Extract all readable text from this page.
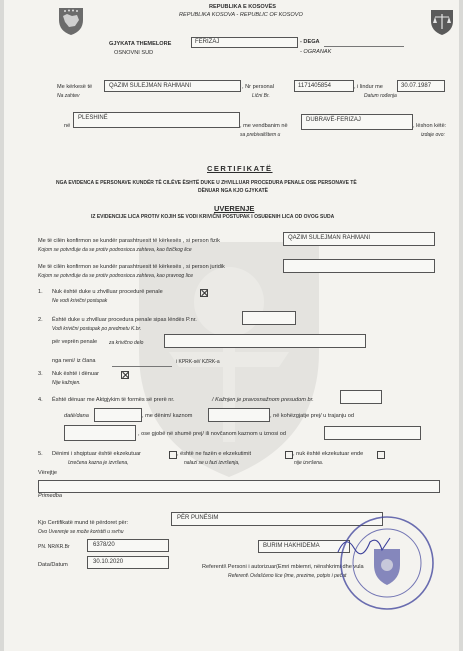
REPUBLIKA E KOSOVËS
REPUBLIKA KOSOVA - REPUBLIC OF KOSOVO
GJYKATA THEMELORE	FERIZAJ	- DEGA
OSNOVNI SUD	- OGRANAK
Me kërkesë të
Na zahtev
QAZIM SULEJMAN RAHMANI	, Nr personal
Lični Br.
1171405854	, i lindur me
Datum rođenja
30.07.1987
në
PLESHINË
, me vendbanim në
sa prebivalištem u
DUBRAVË-FERIZAJ
, lëshon këtë:
izdaje ovo:
CERTIFIKATË
NGA EVIDENCA E PERSONAVE KUNDËR TË CILËVE ËSHTË DUKE U ZHVILLUAR PROCEDURA PENALE OSE PERSONAVE TË
DËNUAR NGA KJO GJYKATË
UVERENJE
IZ EVIDENCIJE LICA PROTIV KOJIH SE VODI KRIVIČNI POSTUPAK I OSUĐENIH LICA OD OVOG SUDA
Me të cilën konfirmon se kundër parashtruesit të kërkesës , si person fizik
Kojom se potvrđuje da se protiv podnosioca zahteva, kao fizičkog lice
QAZIM SULEJMAN RAHMANI
Me të cilën konfirmon se kundër parashtruesit të kërkesës , si person juridik
Kojom se potvrđuje da se protiv podnosioca zahteva, kao pravnog lice
1. Nuk është duke u zhvilluar procedurë penale
Ne vodi krivični postupak
2. Është duke u zhvilluar procedura penale sipas lëndës P.nr.
Vodi krivični postupak po predmetu K.br.
për veprën penale za krivično delo
nga neni/ iz člana	i KPRK-së/ KZRK-a
3. Nuk është i dënuar
Nije kažnjen.
4. Është dënuar me Aktgjykim të formës së prerë nr.	/ Kažnjen je pravosnažnom presudom br.
datë/dana	, me dënim/ kaznom	, në kohëzgjatje prej/ u trajanju od
, ose gjobë në shumë prej/ ili novčanom kaznom u iznosi od
5. Dënimi i shqiptuar është ekzekutuar	, është ne fazën e ekzekutimit	, nuk është ekzekutuar ende
Izrečena kazna je izvršena,	nalazi se u fazi izvršenja,	nije izvršena.
Vërejtje
Primedba
Kjo Certifikatë mund të përdoret për:
Ovo Uverenje se može koristiti u svrhu
PËR PUNËSIM
PN. NR/KR.Br	6378/20
Data/Datum
30.10.2020
BURIM HAKHIDEMA
Referenti\ Personi i autorizuar(Emri mbiemri, nënshkrimi dhe vula
Referent\ Ovlašćeno lice (ime, prezime, potpis i pečat
